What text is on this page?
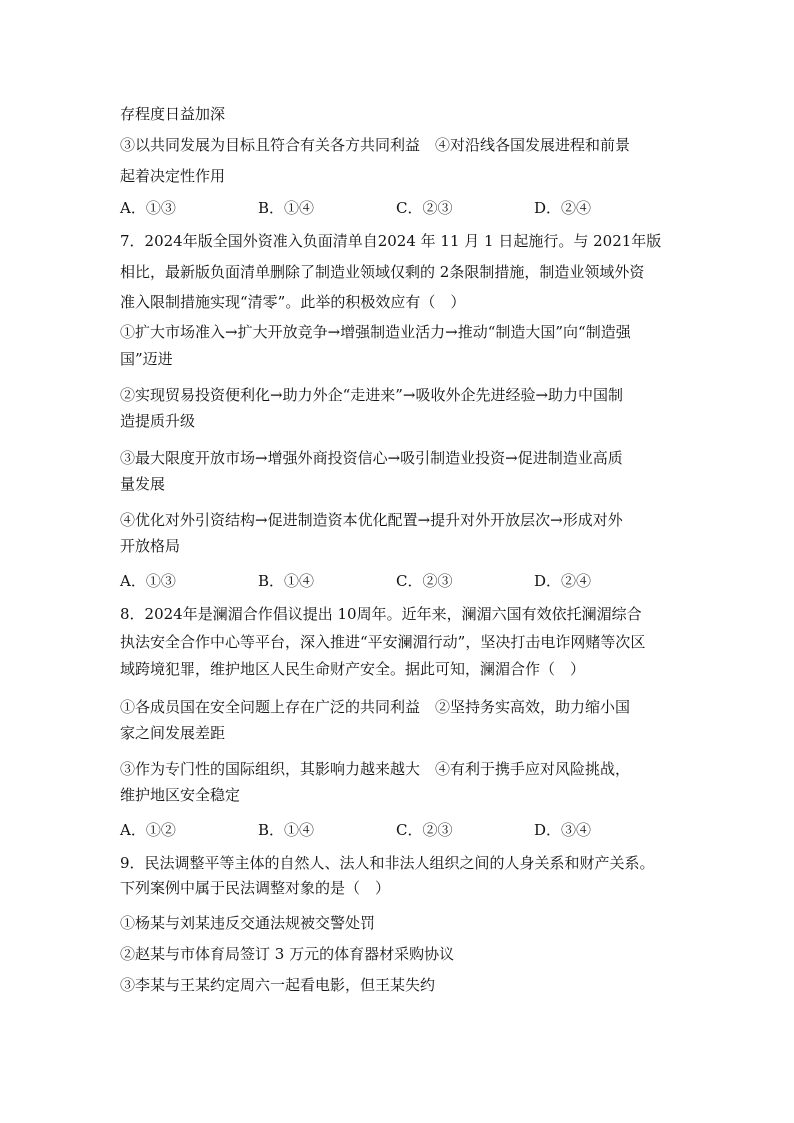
存程度日益加深
③以共同发展为目标且符合有关各方共同利益　④对沿线各国发展进程和前景
起着决定性作用
A．①③	B．①④	C．②③	D．②④
7．2024年版全国外资准入负面清单自2024 年 11 月 1 日起施行。与 2021年版
相比，最新版负面清单删除了制造业领域仅剩的 2条限制措施，制造业领域外资
准入限制措施实现“清零”。此举的积极效应有（　）
①扩大市场准入→扩大开放竞争→增强制造业活力→推动“制造大国”向“制造强
国”迈进
②实现贸易投资便利化→助力外企“走进来”→吸收外企先进经验→助力中国制
造提质升级
③最大限度开放市场→增强外商投资信心→吸引制造业投资→促进制造业高质
量发展
④优化对外引资结构→促进制造资本优化配置→提升对外开放层次→形成对外
开放格局
A．①③	B．①④	C．②③	D．②④
8．2024年是澜湄合作倡议提出 10周年。近年来，澜湄六国有效依托澜湄综合
执法安全合作中心等平台，深入推进“平安澜湄行动”，坚决打击电诈网赌等次区
域跨境犯罪，维护地区人民生命财产安全。据此可知，澜湄合作（　）
①各成员国在安全问题上存在广泛的共同利益　②坚持务实高效，助力缩小国
家之间发展差距
③作为专门性的国际组织，其影响力越来越大　④有利于携手应对风险挑战，
维护地区安全稳定
A．①②	B．①④	C．②③	D．③④
9．民法调整平等主体的自然人、法人和非法人组织之间的人身关系和财产关系。
下列案例中属于民法调整对象的是（　）
①杨某与刘某违反交通法规被交警处罚
②赵某与市体育局签订 3 万元的体育器材采购协议
③李某与王某约定周六一起看电影，但王某失约
